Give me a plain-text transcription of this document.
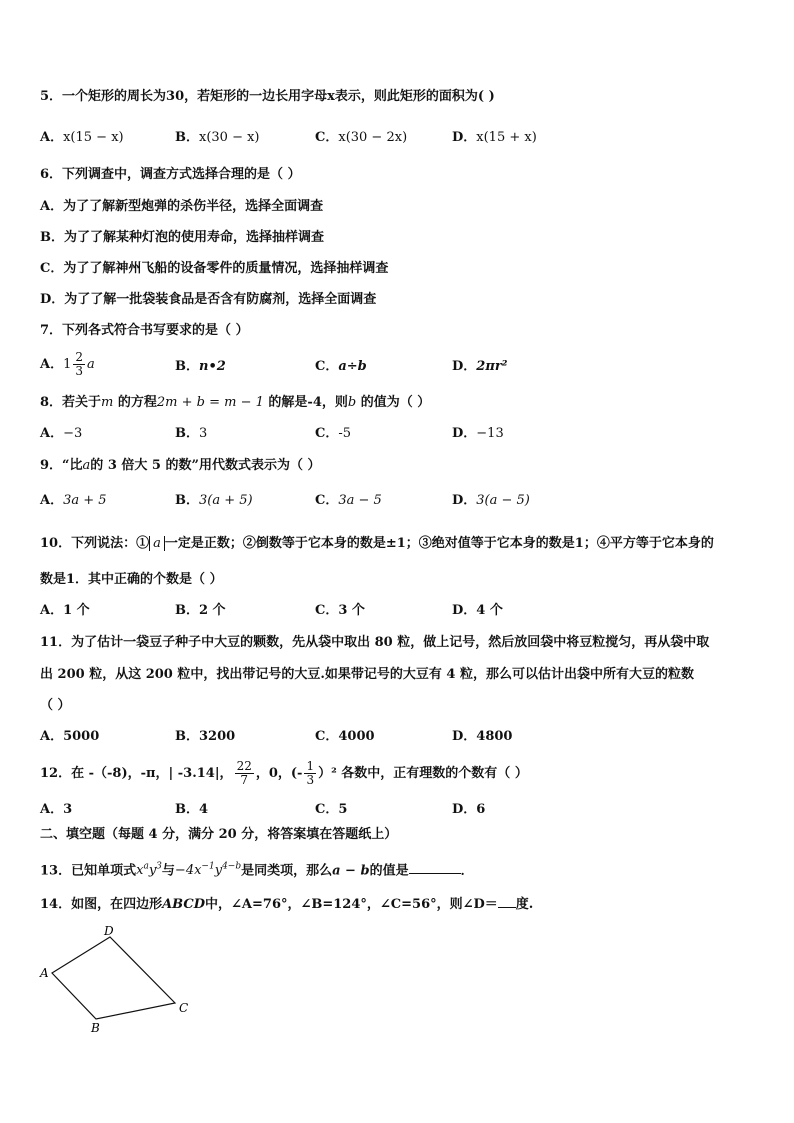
5．一个矩形的周长为30，若矩形的一边长用字母x表示，则此矩形的面积为( )
A．x(15 − x)	B．x(30 − x)	C．x(30 − 2x)	D．x(15 + x)
6．下列调查中，调查方式选择合理的是（ ）
A．为了了解新型炮弹的杀伤半径，选择全面调查
B．为了了解某种灯泡的使用寿命，选择抽样调查
C．为了了解神州飞船的设备零件的质量情况，选择抽样调查
D．为了了解一批袋装食品是否含有防腐剂，选择全面调查
7．下列各式符合书写要求的是（ ）
A．$1 \frac{2}{3}$ a	B．n•2	C．a÷b	D．2πr²
8．若关于m 的方程2m + b = m − 1 的解是-4，则b 的值为（ ）
A．−3	B．3	C．-5	D．−13
9．“比a的 3 倍大 5 的数”用代数式表示为（ ）
A．3a + 5	B．3(a + 5)	C．3a − 5	D．3(a − 5)
10．下列说法：① a 一定是正数；②倒数等于它本身的数是±1；③绝对值等于它本身的数是1；④平方等于它本身的
数是1．其中正确的个数是（ ）
A．1 个	B．2 个	C．3 个	D．4 个
11．为了估计一袋豆子种子中大豆的颗数，先从袋中取出 80 粒，做上记号，然后放回袋中将豆粒搅匀，再从袋中取
出 200 粒，从这 200 粒中，找出带记号的大豆.如果带记号的大豆有 4 粒，那么可以估计出袋中所有大豆的粒数
（ ）
A．5000	B．3200	C．4000	D．4800
12．在 -（-8)，-π，| -3.14|， $\frac{22}{7}$ ，0，(- $\frac{1}{3} )^2$ 各数中，正有理数的个数有（ ）
A．3	B．4	C．5	D．6
二、填空题（每题 4 分，满分 20 分，将答案填在答题纸上）
13．已知单项式$x^ay^3$与$-4x^{-1}y^{4-b}$是同类项，那么a − b的值是	．
14．如图，在四边形ABCD中，∠A=76°，∠B=124°，∠C=56°，则∠D＝ 度.
A
D
C
B
